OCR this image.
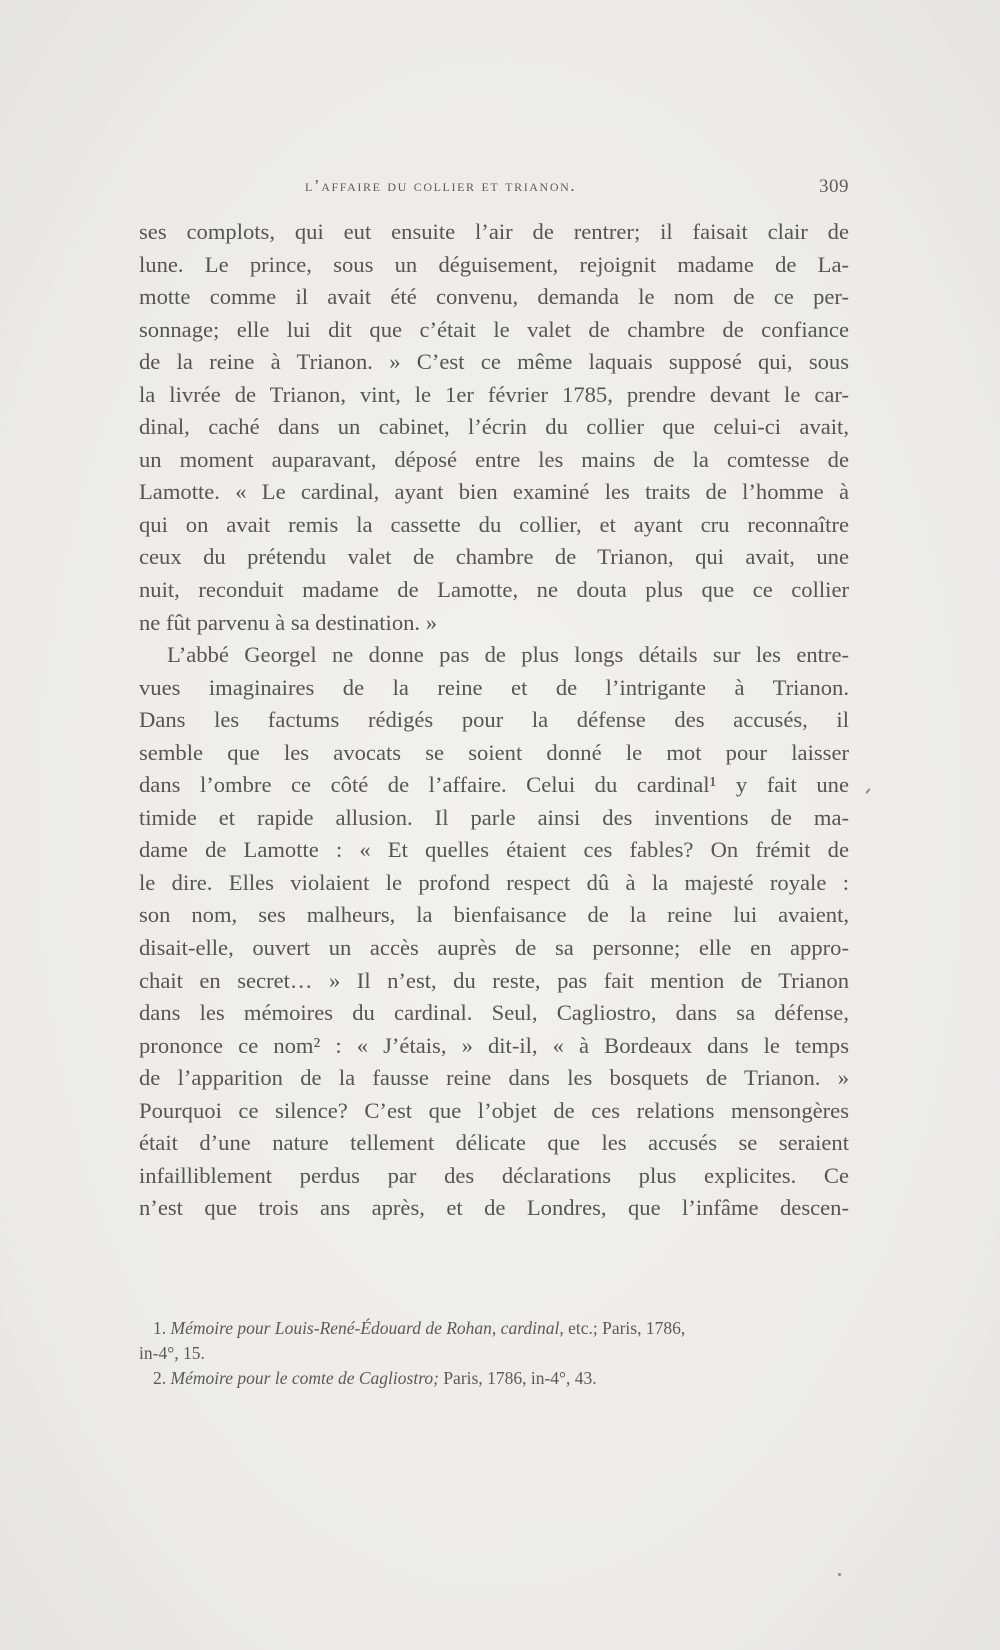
l’affaire du collier et trianon.	309
ses complots, qui eut ensuite l’air de rentrer; il faisait clair de
lune. Le prince, sous un déguisement, rejoignit madame de La-
motte comme il avait été convenu, demanda le nom de ce per-
sonnage; elle lui dit que c’était le valet de chambre de confiance
de la reine à Trianon. » C’est ce même laquais supposé qui, sous
la livrée de Trianon, vint, le 1er février 1785, prendre devant le car-
dinal, caché dans un cabinet, l’écrin du collier que celui-ci avait,
un moment auparavant, déposé entre les mains de la comtesse de
Lamotte. « Le cardinal, ayant bien examiné les traits de l’homme à
qui on avait remis la cassette du collier, et ayant cru reconnaître
ceux du prétendu valet de chambre de Trianon, qui avait, une
nuit, reconduit madame de Lamotte, ne douta plus que ce collier
ne fût parvenu à sa destination. »
L’abbé Georgel ne donne pas de plus longs détails sur les entre-
vues imaginaires de la reine et de l’intrigante à Trianon.
Dans les factums rédigés pour la défense des accusés, il
semble que les avocats se soient donné le mot pour laisser
dans l’ombre ce côté de l’affaire. Celui du cardinal¹ y fait une
timide et rapide allusion. Il parle ainsi des inventions de ma-
dame de Lamotte : « Et quelles étaient ces fables? On frémit de
le dire. Elles violaient le profond respect dû à la majesté royale :
son nom, ses malheurs, la bienfaisance de la reine lui avaient,
disait-elle, ouvert un accès auprès de sa personne; elle en appro-
chait en secret… » Il n’est, du reste, pas fait mention de Trianon
dans les mémoires du cardinal. Seul, Cagliostro, dans sa défense,
prononce ce nom² : « J’étais, » dit-il, « à Bordeaux dans le temps
de l’apparition de la fausse reine dans les bosquets de Trianon. »
Pourquoi ce silence? C’est que l’objet de ces relations mensongères
était d’une nature tellement délicate que les accusés se seraient
infailliblement perdus par des déclarations plus explicites. Ce
n’est que trois ans après, et de Londres, que l’infâme descen-
1. Mémoire pour Louis-René-Édouard de Rohan, cardinal, etc.; Paris, 1786,
in-4°, 15.
2. Mémoire pour le comte de Cagliostro; Paris, 1786, in-4°, 43.
